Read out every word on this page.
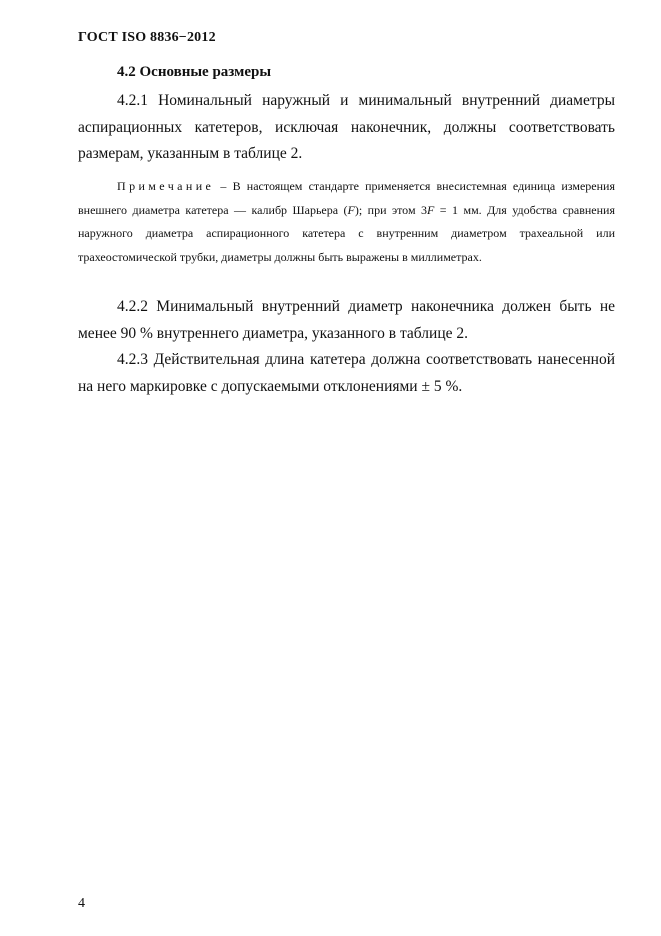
ГОСТ ISO 8836−2012
4.2 Основные размеры

4.2.1 Номинальный наружный и минимальный внутренний диаметры аспирационных катетеров, исключая наконечник, должны соответствовать размерам, указанным в таблице 2.

Примечание – В настоящем стандарте применяется внесистемная единица измерения внешнего диаметра катетера — калибр Шарьера (F); при этом 3F = 1 мм. Для удобства сравнения наружного диаметра аспирационного катетера с внутренним диаметром трахеальной или трахеостомической трубки, диаметры должны быть выражены в миллиметрах.

4.2.2 Минимальный внутренний диаметр наконечника должен быть не менее 90 % внутреннего диаметра, указанного в таблице 2.

4.2.3 Действительная длина катетера должна соответствовать нанесенной на него маркировке с допускаемыми отклонениями ± 5 %.

4
